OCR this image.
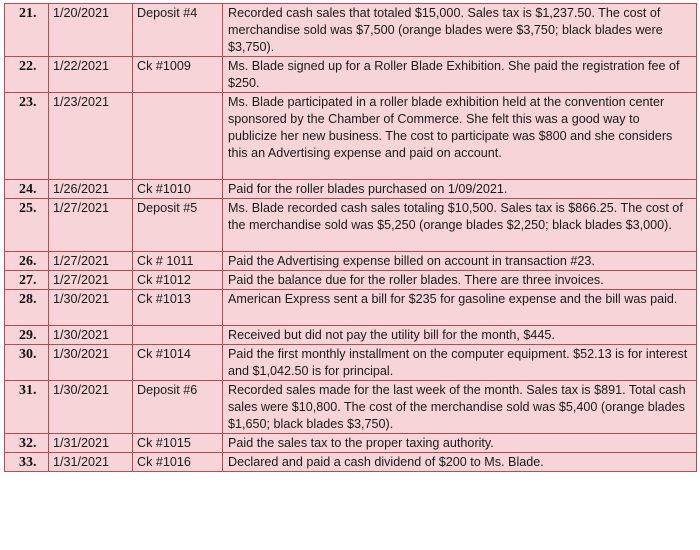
21.	1/20/2021	Deposit #4	Recorded cash sales that totaled $15,000. Sales tax is $1,237.50. The cost of merchandise sold was $7,500 (orange blades were $3,750; black blades were $3,750).
22.	1/22/2021	Ck #1009	Ms. Blade signed up for a Roller Blade Exhibition. She paid the registration fee of $250.
23.	1/23/2021		Ms. Blade participated in a roller blade exhibition held at the convention center sponsored by the Chamber of Commerce. She felt this was a good way to publicize her new business. The cost to participate was $800 and she considers this an Advertising expense and paid on account.
24.	1/26/2021	Ck #1010	Paid for the roller blades purchased on 1/09/2021.
25.	1/27/2021	Deposit #5	Ms. Blade recorded cash sales totaling $10,500. Sales tax is $866.25. The cost of the merchandise sold was $5,250 (orange blades $2,250; black blades $3,000).
26.	1/27/2021	Ck # 1011	Paid the Advertising expense billed on account in transaction #23.
27.	1/27/2021	Ck #1012	Paid the balance due for the roller blades. There are three invoices.
28.	1/30/2021	Ck #1013	American Express sent a bill for $235 for gasoline expense and the bill was paid.
29.	1/30/2021		Received but did not pay the utility bill for the month, $445.
30.	1/30/2021	Ck #1014	Paid the first monthly installment on the computer equipment. $52.13 is for interest and $1,042.50 is for principal.
31.	1/30/2021	Deposit #6	Recorded sales made for the last week of the month. Sales tax is $891. Total cash sales were $10,800. The cost of the merchandise sold was $5,400 (orange blades $1,650; black blades $3,750).
32.	1/31/2021	Ck #1015	Paid the sales tax to the proper taxing authority.
33.	1/31/2021	Ck #1016	Declared and paid a cash dividend of $200 to Ms. Blade.
